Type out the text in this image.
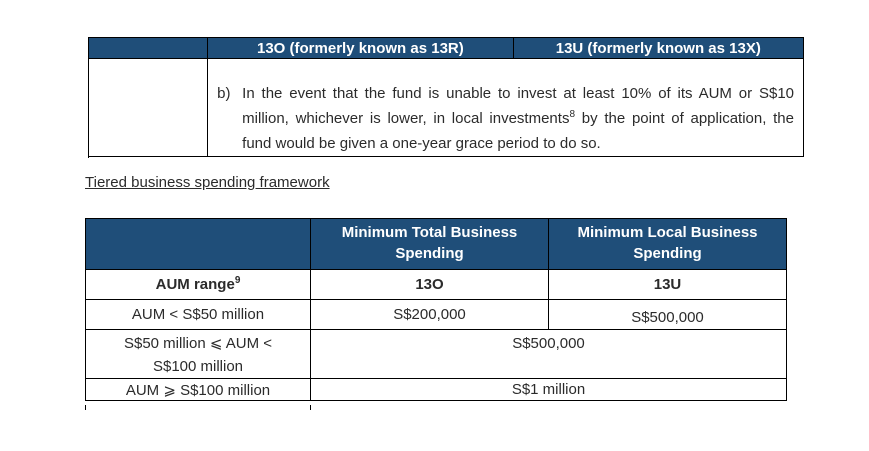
	13O (formerly known as 13R)	13U (formerly known as 13X)

	b) In the event that the fund is unable to invest at least 10% of its AUM or S$10 million, whichever is lower, in local investments$^8$ by the point of application, the fund would be given a one-year grace period to do so.	
Tiered business spending framework
	Minimum Total Business Spending	Minimum Local Business Spending
AUM range$^9$	13O	13U
AUM < S$50 million	S$200,000	S$500,000

S$50 million ⩽ AUM <
S$100 million	S$500,000	
AUM ⩾ S$100 million	S$1 million	
